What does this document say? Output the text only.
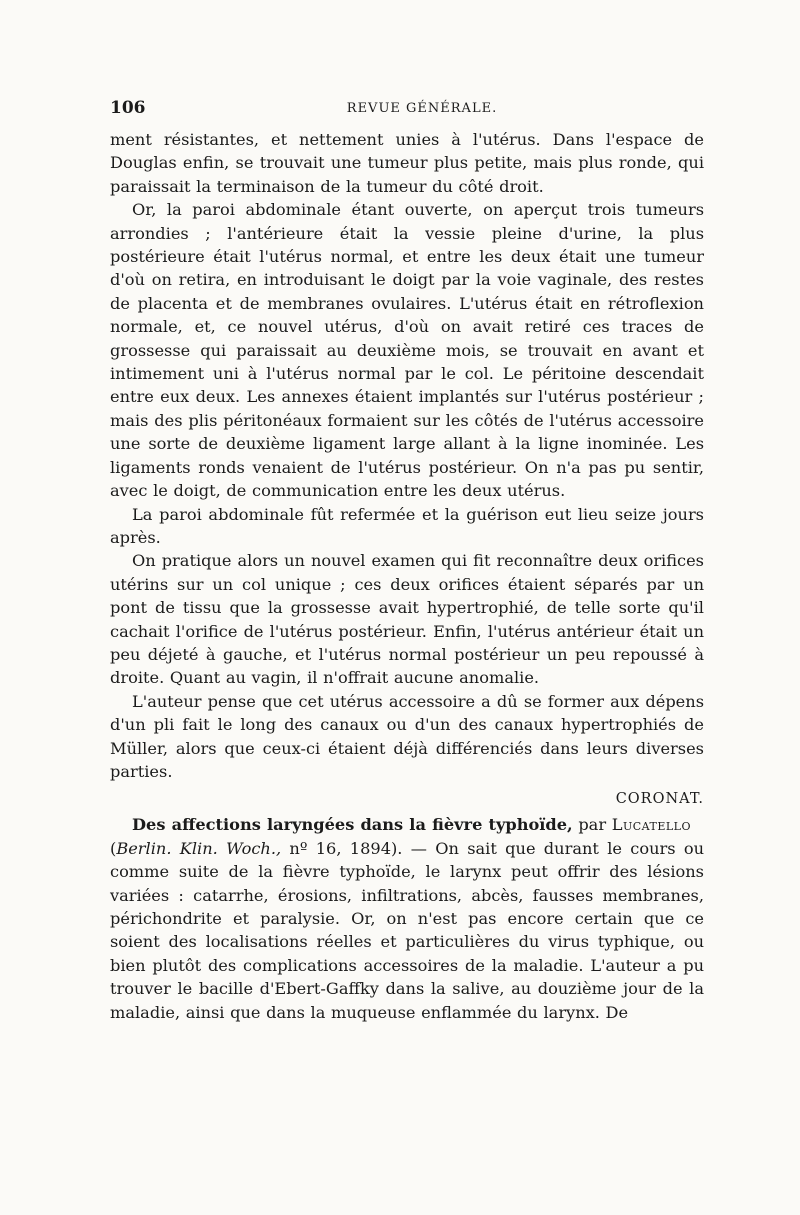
106	REVUE GÉNÉRALE.

ment résistantes, et nettement unies à l'utérus. Dans l'espace de Douglas enfin, se trouvait une tumeur plus petite, mais plus ronde, qui paraissait la terminaison de la tumeur du côté droit.

Or, la paroi abdominale étant ouverte, on aperçut trois tumeurs arrondies ; l'antérieure était la vessie pleine d'urine, la plus postérieure était l'utérus normal, et entre les deux était une tumeur d'où on retira, en introduisant le doigt par la voie vaginale, des restes de placenta et de membranes ovulaires. L'utérus était en rétroflexion normale, et, ce nouvel utérus, d'où on avait retiré ces traces de grossesse qui paraissait au deuxième mois, se trouvait en avant et intimement uni à l'utérus normal par le col. Le péritoine descendait entre eux deux. Les annexes étaient implantés sur l'utérus postérieur ; mais des plis péritonéaux formaient sur les côtés de l'utérus accessoire une sorte de deuxième ligament large allant à la ligne inominée. Les ligaments ronds venaient de l'utérus postérieur. On n'a pas pu sentir, avec le doigt, de communication entre les deux utérus.

La paroi abdominale fût refermée et la guérison eut lieu seize jours après.

On pratique alors un nouvel examen qui fit reconnaître deux orifices utérins sur un col unique ; ces deux orifices étaient séparés par un pont de tissu que la grossesse avait hypertrophié, de telle sorte qu'il cachait l'orifice de l'utérus postérieur. Enfin, l'utérus antérieur était un peu déjeté à gauche, et l'utérus normal postérieur un peu repoussé à droite. Quant au vagin, il n'offrait aucune anomalie.

L'auteur pense que cet utérus accessoire a dû se former aux dépens d'un pli fait le long des canaux ou d'un des canaux hypertrophiés de Müller, alors que ceux-ci étaient déjà différenciés dans leurs diverses parties.

CORONAT.

Des affections laryngées dans la fièvre typhoïde, par Lucatello
(Berlin. Klin. Woch., nº 16, 1894). — On sait que durant le cours ou comme suite de la fièvre typhoïde, le larynx peut offrir des lésions variées : catarrhe, érosions, infiltrations, abcès, fausses membranes, périchondrite et paralysie. Or, on n'est pas encore certain que ce soient des localisations réelles et particulières du virus typhique, ou bien plutôt des complications accessoires de la maladie. L'auteur a pu trouver le bacille d'Ebert-Gaffky dans la salive, au douzième jour de la maladie, ainsi que dans la muqueuse enflammée du larynx. De
